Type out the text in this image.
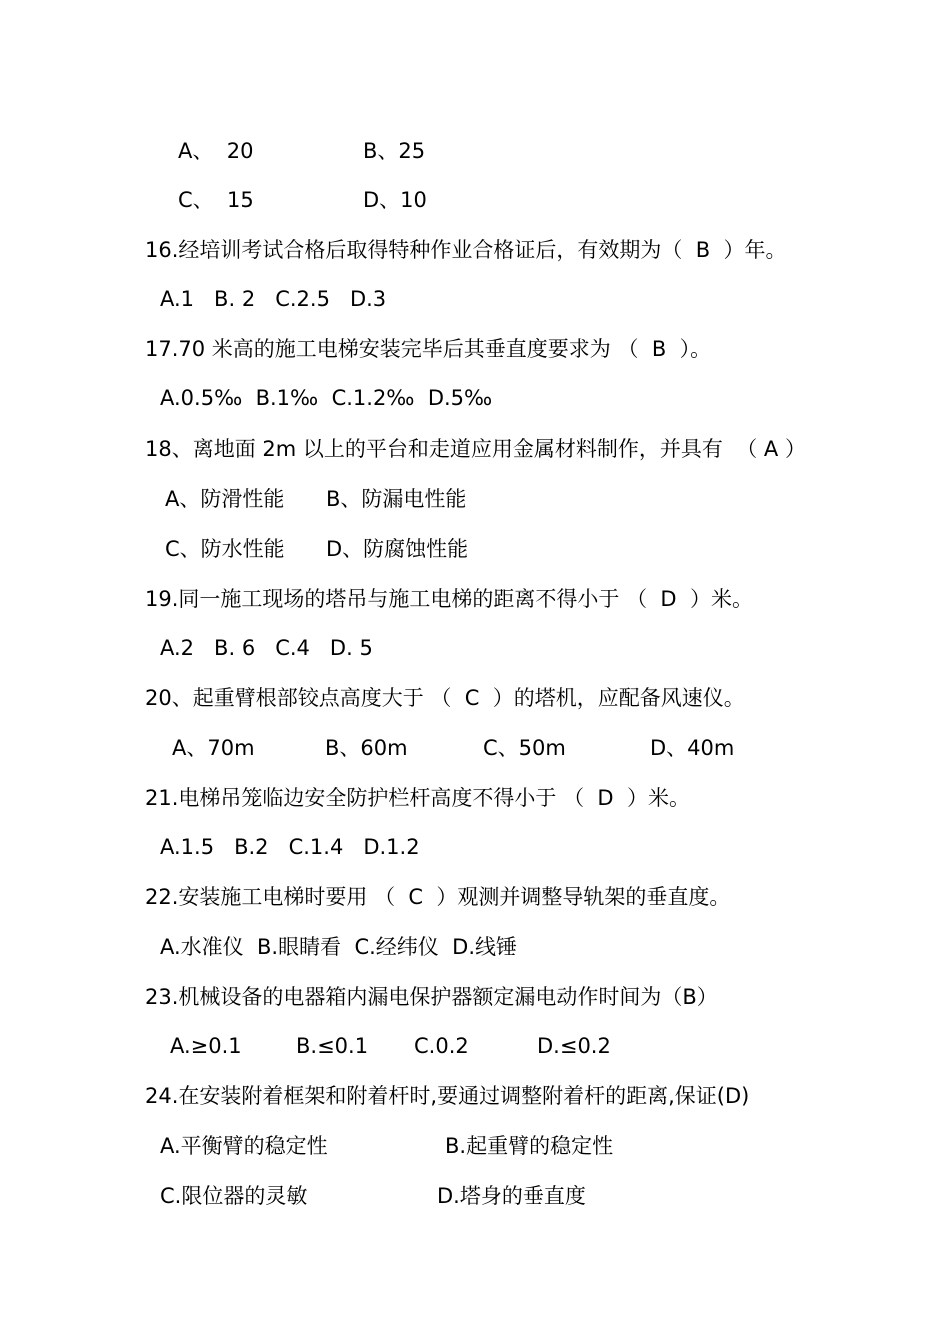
A、  20	B、25
C、  15	D、10
16.经培训考试合格后取得特种作业合格证后，有效期为（  B  ）年。
A.1   B. 2   C.2.5   D.3
17.70 米高的施工电梯安装完毕后其垂直度要求为 （  B  ）。
A.0.5‰  B.1‰  C.1.2‰  D.5‰
18、离地面 2m 以上的平台和走道应用金属材料制作，并具有  （ A ）
A、防滑性能 B、防漏电性能
C、防水性能 D、防腐蚀性能
19.同一施工现场的塔吊与施工电梯的距离不得小于 （  D  ）米。
A.2   B. 6   C.4   D. 5
20、起重臂根部铰点高度大于 （  C  ）的塔机，应配备风速仪。
A、70m	B、60m	C、50m	D、40m
21.电梯吊笼临边安全防护栏杆高度不得小于 （  D  ）米。
A.1.5   B.2   C.1.4   D.1.2
22.安装施工电梯时要用 （  C  ）观测并调整导轨架的垂直度。
A.水准仪  B.眼睛看  C.经纬仪  D.线锤
23.机械设备的电器箱内漏电保护器额定漏电动作时间为（B）
A.≥0.1	B.≤0.1 C.0.2	D.≤0.2
24.在安装附着框架和附着杆时,要通过调整附着杆的距离,保证(D)
A.平衡臂的稳定性	B.起重臂的稳定性
C.限位器的灵敏	D.塔身的垂直度
